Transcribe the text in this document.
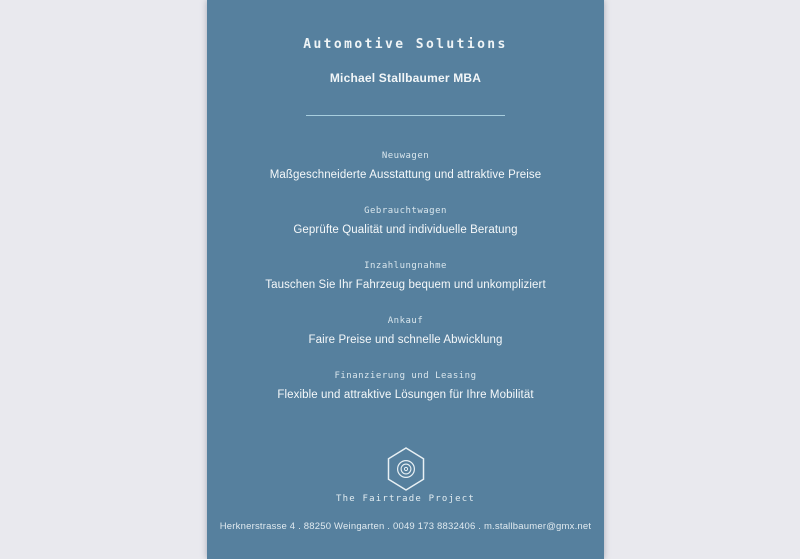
Automotive Solutions
Michael Stallbaumer MBA
Neuwagen
Maßgeschneiderte Ausstattung und attraktive Preise
Gebrauchtwagen
Geprüfte Qualität und individuelle Beratung
Inzahlungnahme
Tauschen Sie Ihr Fahrzeug bequem und unkompliziert
Ankauf
Faire Preise und schnelle Abwicklung
Finanzierung und Leasing
Flexible und attraktive Lösungen für Ihre Mobilität
The Fairtrade Project
Herknerstrasse 4 . 88250 Weingarten . 0049 173 8832406 . m.stallbaumer@gmx.net
